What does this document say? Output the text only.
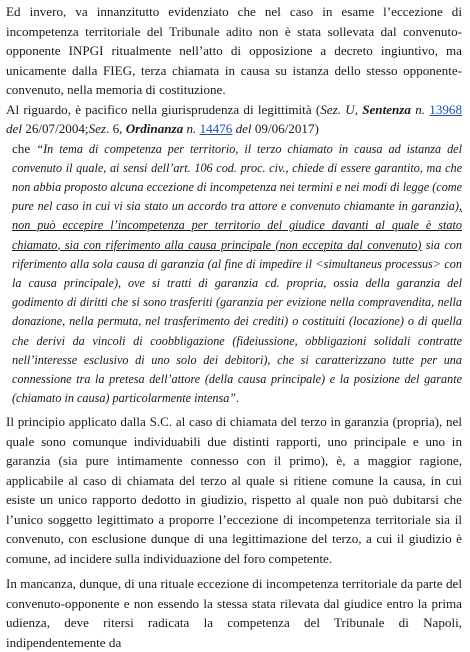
Ed invero, va innanzitutto evidenziato che nel caso in esame l’eccezione di incompetenza territoriale del Tribunale adito non è stata sollevata dal convenuto-opponente INPGI ritualmente nell’atto di opposizione a decreto ingiuntivo, ma unicamente dalla FIEG, terza chiamata in causa su istanza dello stesso opponente-convenuto, nella memoria di costituzione.

Al riguardo, è pacifico nella giurisprudenza di legittimità (Sez. U, Sentenza n. 13968 del 26/07/2004;Sez. 6, Ordinanza n. 14476 del 09/06/2017)

che “In tema di competenza per territorio, il terzo chiamato in causa ad istanza del convenuto il quale, ai sensi dell’art. 106 cod. proc. civ., chiede di essere garantito, ma che non abbia proposto alcuna eccezione di incompetenza nei termini e nei modi di legge (come pure nel caso in cui vi sia stato un accordo tra attore e convenuto chiamante in garanzia), non può eccepire l’incompetenza per territorio del giudice davanti al quale è stato chiamato, sia con riferimento alla causa principale (non eccepita dal convenuto) sia con riferimento alla sola causa di garanzia (al fine di impedire il <simultaneus processus> con la causa principale), ove si tratti di garanzia cd. propria, ossia della garanzia del godimento di diritti che si sono trasferiti (garanzia per evizione nella compravendita, nella donazione, nella permuta, nel trasferimento dei crediti) o costituiti (locazione) o di quella che derivi da vincoli di coobbligazione (fideiussione, obbligazioni solidali contratte nell’interesse esclusivo di uno solo dei debitori), che si caratterizzano tutte per una connessione tra la pretesa dell’attore (della causa principale) e la posizione del garante (chiamato in causa) particolarmente intensa”.

Il principio applicato dalla S.C. al caso di chiamata del terzo in garanzia (propria), nel quale sono comunque individuabili due distinti rapporti, uno principale e uno in garanzia (sia pure intimamente connesso con il primo), è, a maggior ragione, applicabile al caso di chiamata del terzo al quale si ritiene comune la causa, in cui esiste un unico rapporto dedotto in giudizio, rispetto al quale non può dubitarsi che l’unico soggetto legittimato a proporre l’eccezione di incompetenza territoriale sia il convenuto, con esclusione dunque di una legittimazione del terzo, a cui il giudizio è comune, ad incidere sulla individuazione del foro competente.

In mancanza, dunque, di una rituale eccezione di incompetenza territoriale da parte del convenuto-opponente e non essendo la stessa stata rilevata dal giudice entro la prima udienza, deve ritersi radicata la competenza del Tribunale di Napoli, indipendentemente da
